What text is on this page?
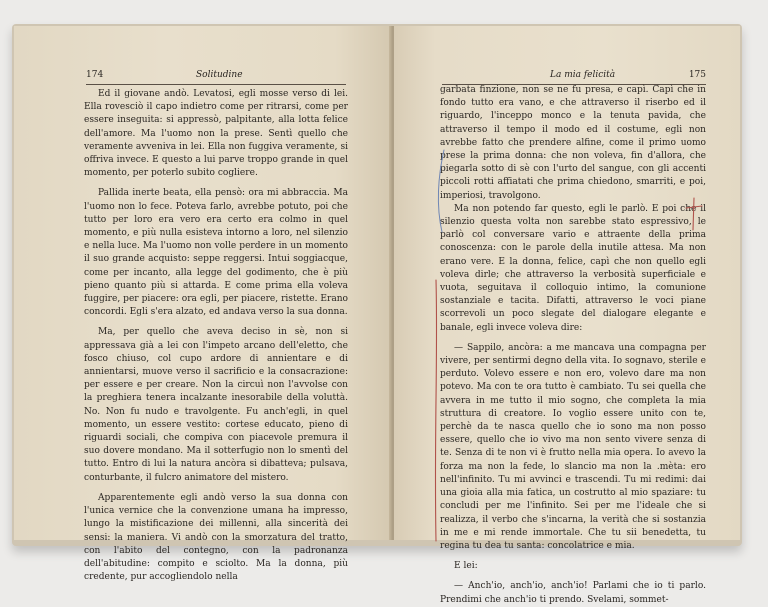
174	Solitudine

Ed il giovane andò. Levatosi, egli mosse verso di lei. Ella rovesciò il capo indietro come per ritrarsi, come per essere inseguita: si appressò, palpitante, alla lotta felice dell'amore. Ma l'uomo non la prese. Sentì quello che veramente avveniva in lei. Ella non fuggiva veramente, si offriva invece. E questo a lui parve troppo grande in quel momento, per poterlo subito cogliere.

Pallida inerte beata, ella pensò: ora mi abbraccia. Ma l'uomo non lo fece. Poteva farlo, avrebbe potuto, poi che tutto per loro era vero era certo era colmo in quel momento, e più nulla esisteva intorno a loro, nel silenzio e nella luce. Ma l'uomo non volle perdere in un momento il suo grande acquisto: seppe reggersi. Intui soggiacque, come per incanto, alla legge del godimento, che è più pieno quanto più si attarda. E come prima ella voleva fuggire, per piacere: ora egli, per piacere, ristette. Erano concordi. Egli s'era alzato, ed andava verso la sua donna.

Ma, per quello che aveva deciso in sè, non si appressava già a lei con l'impeto arcano dell'eletto, che fosco chiuso, col cupo ardore di annientare e di annientarsi, muove verso il sacrificio e la consacrazione: per essere e per creare. Non la circuì non l'avvolse con la preghiera tenera incalzante inesorabile della voluttà. No. Non fu nudo e travolgente. Fu anch'egli, in quel momento, un essere vestito: cortese educato, pieno di riguardi sociali, che compiva con piacevole premura il suo dovere mondano. Ma il sotterfugio non lo smentì del tutto. Entro di lui la natura ancòra si dibatteva; pulsava, conturbante, il fulcro animatore del mistero.

Apparentemente egli andò verso la sua donna con l'unica vernice che la convenzione umana ha impresso, lungo la mistificazione dei millenni, alla sincerità dei sensi: la maniera. Vi andò con la smorzatura del tratto, con l'abito del contegno, con la padronanza dell'abitudine: compito e sciolto. Ma la donna, più credente, pur accogliendolo nella

La mia felicità	175

garbata finzione, non se ne fu presa, e capì. Capì che in fondo tutto era vano, e che attraverso il riserbo ed il riguardo, l'inceppo monco e la tenuta pavida, che attraverso il tempo il modo ed il costume, egli non avrebbe fatto che prendere alfine, come il primo uomo prese la prima donna: che non voleva, fin d'allora, che piegarla sotto di sè con l'urto del sangue, con gli accenti piccoli rotti affiatati che prima chiedono, smarriti, e poi, imperiosi, travolgono.

Ma non potendo far questo, egli le parlò. E poi che il silenzio questa volta non sarebbe stato espressivo, le parlò col conversare vario e attraente della prima conoscenza: con le parole della inutile attesa. Ma non erano vere. E la donna, felice, capì che non quello egli voleva dirle; che attraverso la verbosità superficiale e vuota, seguitava il colloquio intimo, la comunione sostanziale e tacita. Difatti, attraverso le voci piane scorrevoli un poco slegate del dialogare elegante e banale, egli invece voleva dire:

— Sappilo, ancòra: a me mancava una compagna per vivere, per sentirmi degno della vita. Io sognavo, sterile e perduto. Volevo essere e non ero, volevo dare ma non potevo. Ma con te ora tutto è cambiato. Tu sei quella che avvera in me tutto il mio sogno, che completa la mia struttura di creatore. Io voglio essere unito con te, perchè da te nasca quello che io sono ma non posso essere, quello che io vivo ma non sento vivere senza di te. Senza di te non vi è frutto nella mia opera. Io avevo la forza ma non la fede, lo slancio ma non la .mèta: ero nell'infinito. Tu mi avvinci e trascendi. Tu mi redimi: dai una gioia alla mia fatica, un costrutto al mio spaziare: tu concludi per me l'infinito. Sei per me l'ideale che si realizza, il verbo che s'incarna, la verità che si sostanzia in me e mi rende immortale. Che tu sii benedetta, tu regina tu dea tu santa: concolatrice e mia.

E lei:

— Anch'io, anch'io, anch'io! Parlami che io ti parlo. Prendimi che anch'io ti prendo. Svelami, sommet-
